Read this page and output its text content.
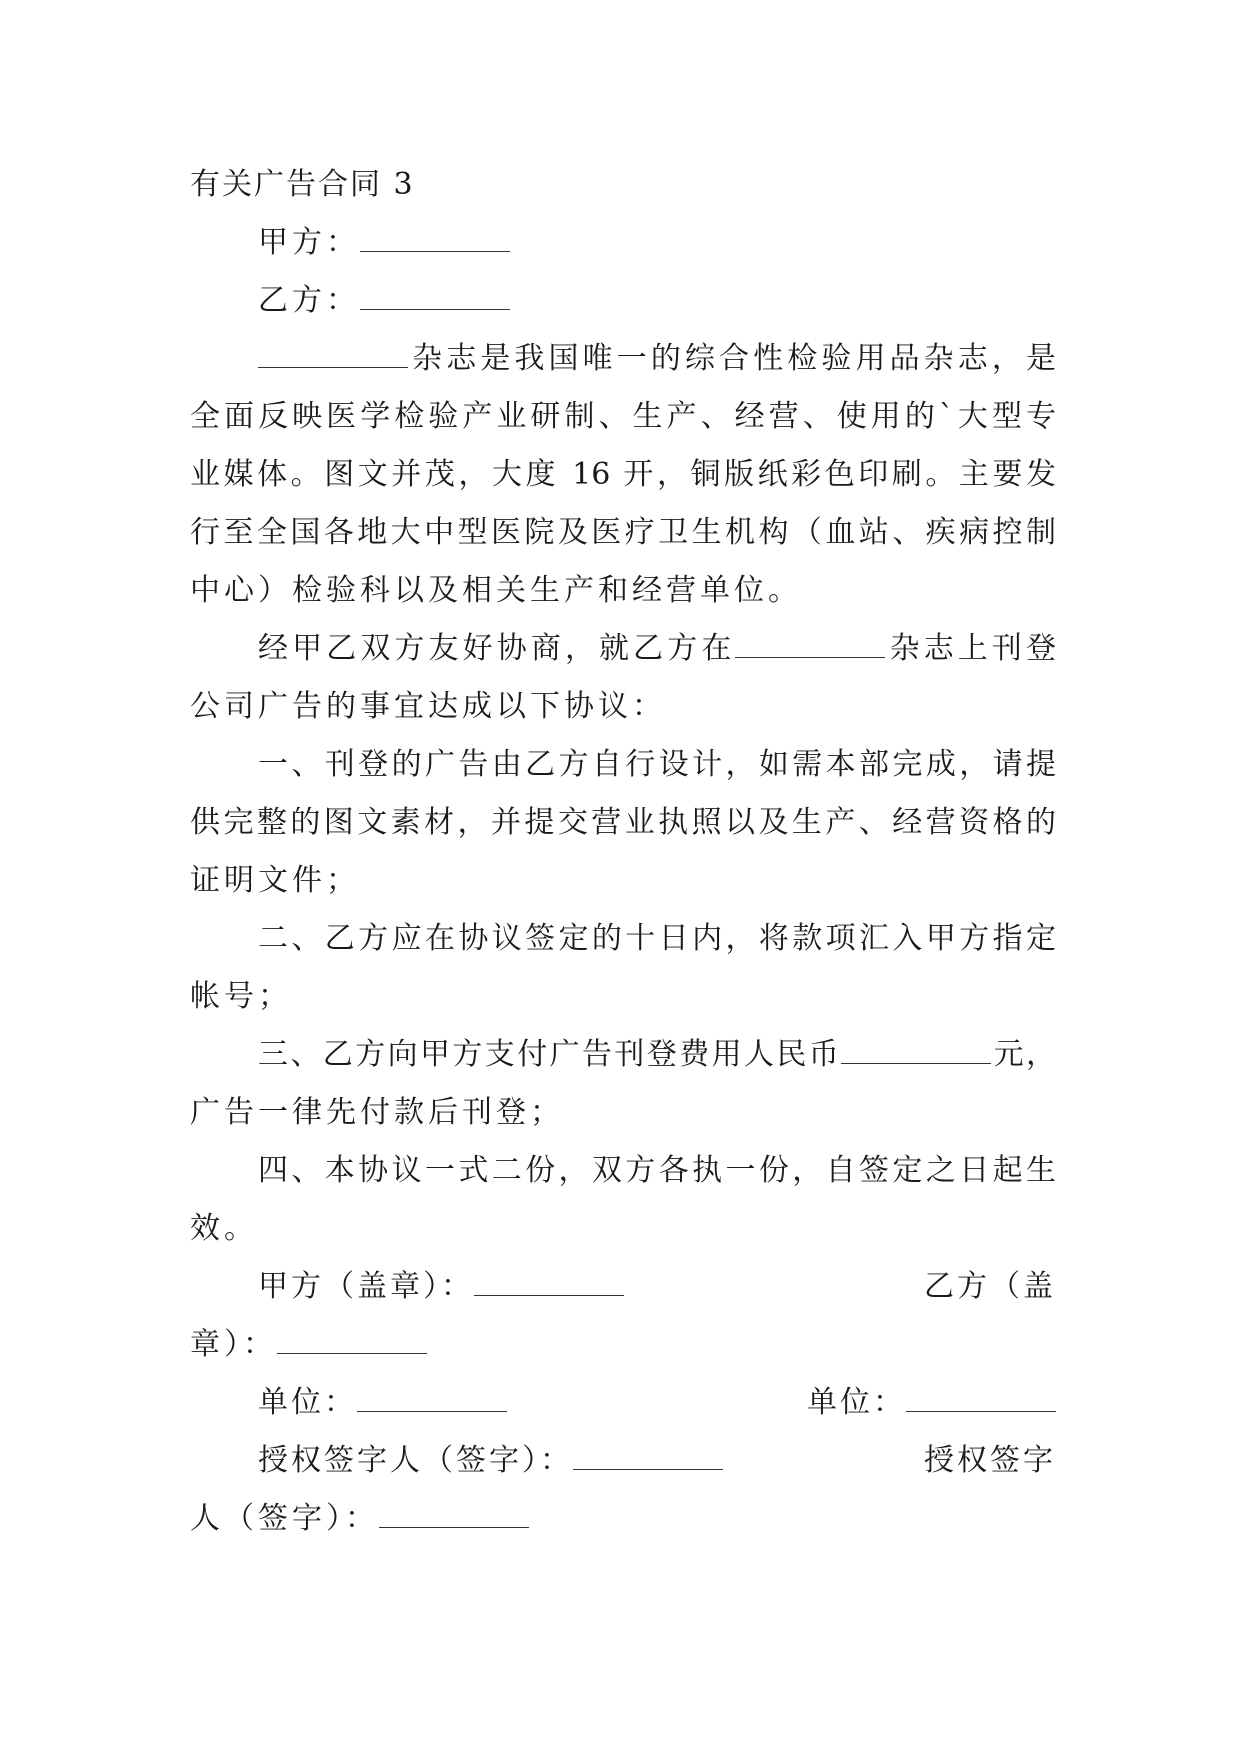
有关广告合同 3
甲方：
乙方：
杂志是我国唯一的综合性检验用品杂志，是
全面反映医学检验产业研制、生产、经营、使用的`大型专
业媒体。图文并茂，大度 16 开，铜版纸彩色印刷。主要发
行至全国各地大中型医院及医疗卫生机构（血站、疾病控制
中心）检验科以及相关生产和经营单位。
经甲乙双方友好协商，就乙方在	杂志上刊登
公司广告的事宜达成以下协议：
一、刊登的广告由乙方自行设计，如需本部完成，请提
供完整的图文素材，并提交营业执照以及生产、经营资格的
证明文件；
二、乙方应在协议签定的十日内，将款项汇入甲方指定
帐号；
三、乙方向甲方支付广告刊登费用人民币	元，
广告一律先付款后刊登；
四、本协议一式二份，双方各执一份，自签定之日起生
效。
甲方（盖章）：	乙方（盖
章）：
单位：	单位：
授权签字人（签字）：	授权签字
人（签字）：
